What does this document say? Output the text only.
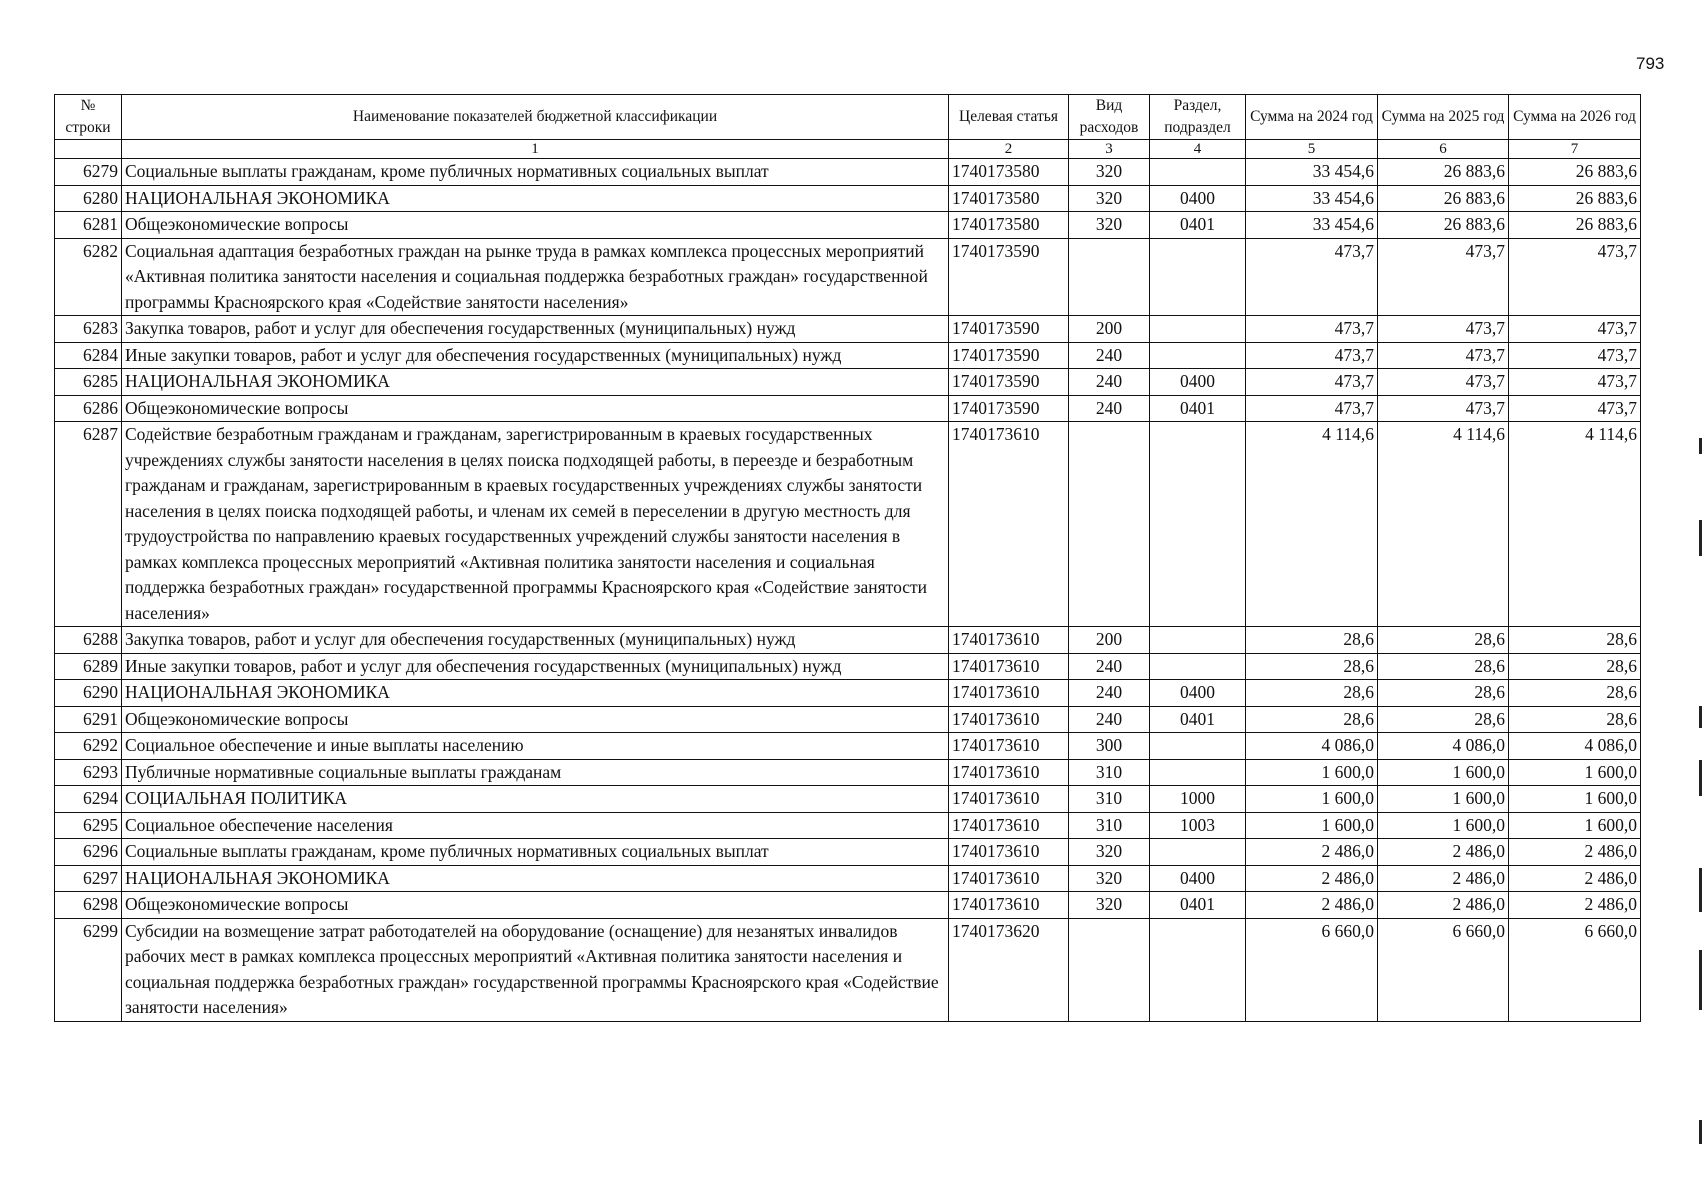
793
№ строки	Наименование показателей бюджетной классификации	Целевая статья	Вид расходов	Раздел, подраздел	Сумма на 2024 год	Сумма на 2025 год	Сумма на 2026 год
	1	2	3	4	5	6	7
6279	Социальные выплаты гражданам, кроме публичных нормативных социальных выплат	1740173580	320		33 454,6	26 883,6	26 883,6
6280	НАЦИОНАЛЬНАЯ ЭКОНОМИКА	1740173580	320	0400	33 454,6	26 883,6	26 883,6
6281	Общеэкономические вопросы	1740173580	320	0401	33 454,6	26 883,6	26 883,6
6282	Социальная адаптация безработных граждан на рынке труда в рамках комплекса процессных мероприятий «Активная политика занятости населения и социальная поддержка безработных граждан» государственной программы Красноярского края «Содействие занятости населения»	1740173590			473,7	473,7	473,7
6283	Закупка товаров, работ и услуг для обеспечения государственных (муниципальных) нужд	1740173590	200		473,7	473,7	473,7
6284	Иные закупки товаров, работ и услуг для обеспечения государственных (муниципальных) нужд	1740173590	240		473,7	473,7	473,7
6285	НАЦИОНАЛЬНАЯ ЭКОНОМИКА	1740173590	240	0400	473,7	473,7	473,7
6286	Общеэкономические вопросы	1740173590	240	0401	473,7	473,7	473,7
6287	Содействие безработным гражданам и гражданам, зарегистрированным в краевых государственных учреждениях службы занятости населения в целях поиска подходящей работы, в переезде и безработным гражданам и гражданам, зарегистрированным в краевых государственных учреждениях службы занятости населения в целях поиска подходящей работы, и членам их семей в переселении в другую местность для трудоустройства по направлению краевых государственных учреждений службы занятости населения в рамках комплекса процессных мероприятий «Активная политика занятости населения и социальная поддержка безработных граждан» государственной программы Красноярского края «Содействие занятости населения»	1740173610			4 114,6	4 114,6	4 114,6
6288	Закупка товаров, работ и услуг для обеспечения государственных (муниципальных) нужд	1740173610	200		28,6	28,6	28,6
6289	Иные закупки товаров, работ и услуг для обеспечения государственных (муниципальных) нужд	1740173610	240		28,6	28,6	28,6
6290	НАЦИОНАЛЬНАЯ ЭКОНОМИКА	1740173610	240	0400	28,6	28,6	28,6
6291	Общеэкономические вопросы	1740173610	240	0401	28,6	28,6	28,6
6292	Социальное обеспечение и иные выплаты населению	1740173610	300		4 086,0	4 086,0	4 086,0
6293	Публичные нормативные социальные выплаты гражданам	1740173610	310		1 600,0	1 600,0	1 600,0
6294	СОЦИАЛЬНАЯ ПОЛИТИКА	1740173610	310	1000	1 600,0	1 600,0	1 600,0
6295	Социальное обеспечение населения	1740173610	310	1003	1 600,0	1 600,0	1 600,0
6296	Социальные выплаты гражданам, кроме публичных нормативных социальных выплат	1740173610	320		2 486,0	2 486,0	2 486,0
6297	НАЦИОНАЛЬНАЯ ЭКОНОМИКА	1740173610	320	0400	2 486,0	2 486,0	2 486,0
6298	Общеэкономические вопросы	1740173610	320	0401	2 486,0	2 486,0	2 486,0
6299	Субсидии на возмещение затрат работодателей на оборудование (оснащение) для незанятых инвалидов рабочих мест в рамках комплекса процессных мероприятий «Активная политика занятости населения и социальная поддержка безработных граждан» государственной программы Красноярского края «Содействие занятости населения»	1740173620			6 660,0	6 660,0	6 660,0
